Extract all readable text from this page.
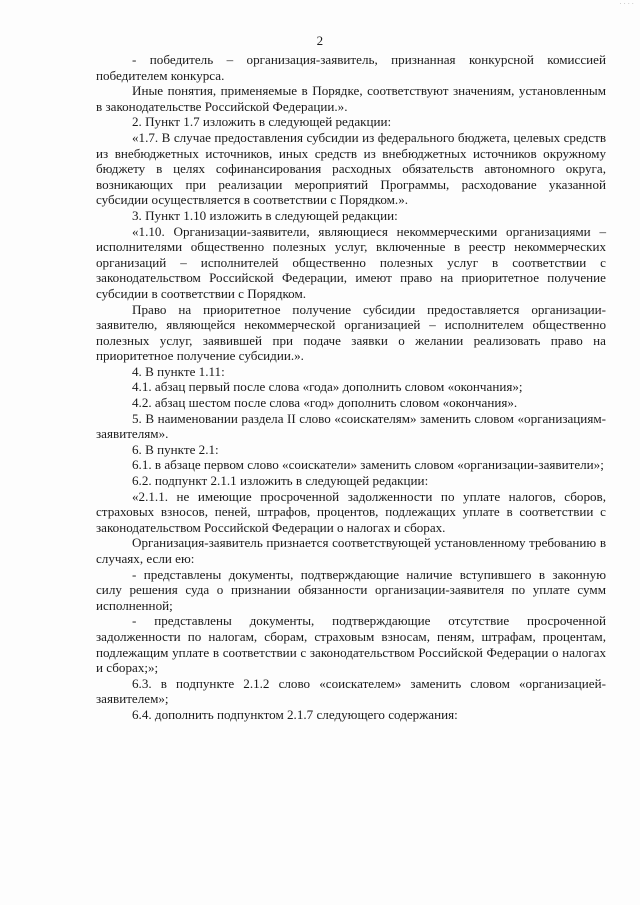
· · · ·
2

- победитель – организация-заявитель, признанная конкурсной комиссией победителем конкурса.

Иные понятия, применяемые в Порядке, соответствуют значениям, установленным в законодательстве Российской Федерации.».

2. Пункт 1.7 изложить в следующей редакции:

«1.7. В случае предоставления субсидии из федерального бюджета, целевых средств из внебюджетных источников, иных средств из внебюджетных источников окружному бюджету в целях софинансирования расходных обязательств автономного округа, возникающих при реализации мероприятий Программы, расходование указанной субсидии осуществляется в соответствии с Порядком.».

3. Пункт 1.10 изложить в следующей редакции:

«1.10. Организации-заявители, являющиеся некоммерческими организациями – исполнителями общественно полезных услуг, включенные в реестр некоммерческих организаций – исполнителей общественно полезных услуг в соответствии с законодательством Российской Федерации, имеют право на приоритетное получение субсидии в соответствии с Порядком.

Право на приоритетное получение субсидии предоставляется организации-заявителю, являющейся некоммерческой организацией – исполнителем общественно полезных услуг, заявившей при подаче заявки о желании реализовать право на приоритетное получение субсидии.».

4. В пункте 1.11:

4.1. абзац первый после слова «года» дополнить словом «окончания»;

4.2. абзац шестом после слова «год» дополнить словом «окончания».

5. В наименовании раздела II слово «соискателям» заменить словом «организациям-заявителям».

6. В пункте 2.1:

6.1. в абзаце первом слово «соискатели» заменить словом «организации-заявители»;

6.2. подпункт 2.1.1 изложить в следующей редакции:

«2.1.1. не имеющие просроченной задолженности по уплате налогов, сборов, страховых взносов, пеней, штрафов, процентов, подлежащих уплате в соответствии с законодательством Российской Федерации о налогах и сборах.

Организация-заявитель признается соответствующей установленному требованию в случаях, если ею:

- представлены документы, подтверждающие наличие вступившего в законную силу решения суда о признании обязанности организации-заявителя по уплате сумм исполненной;

- представлены документы, подтверждающие отсутствие просроченной задолженности по налогам, сборам, страховым взносам, пеням, штрафам, процентам, подлежащим уплате в соответствии с законодательством Российской Федерации о налогах и сборах;»;

6.3. в подпункте 2.1.2 слово «соискателем» заменить словом «организацией-заявителем»;

6.4. дополнить подпунктом 2.1.7 следующего содержания:
